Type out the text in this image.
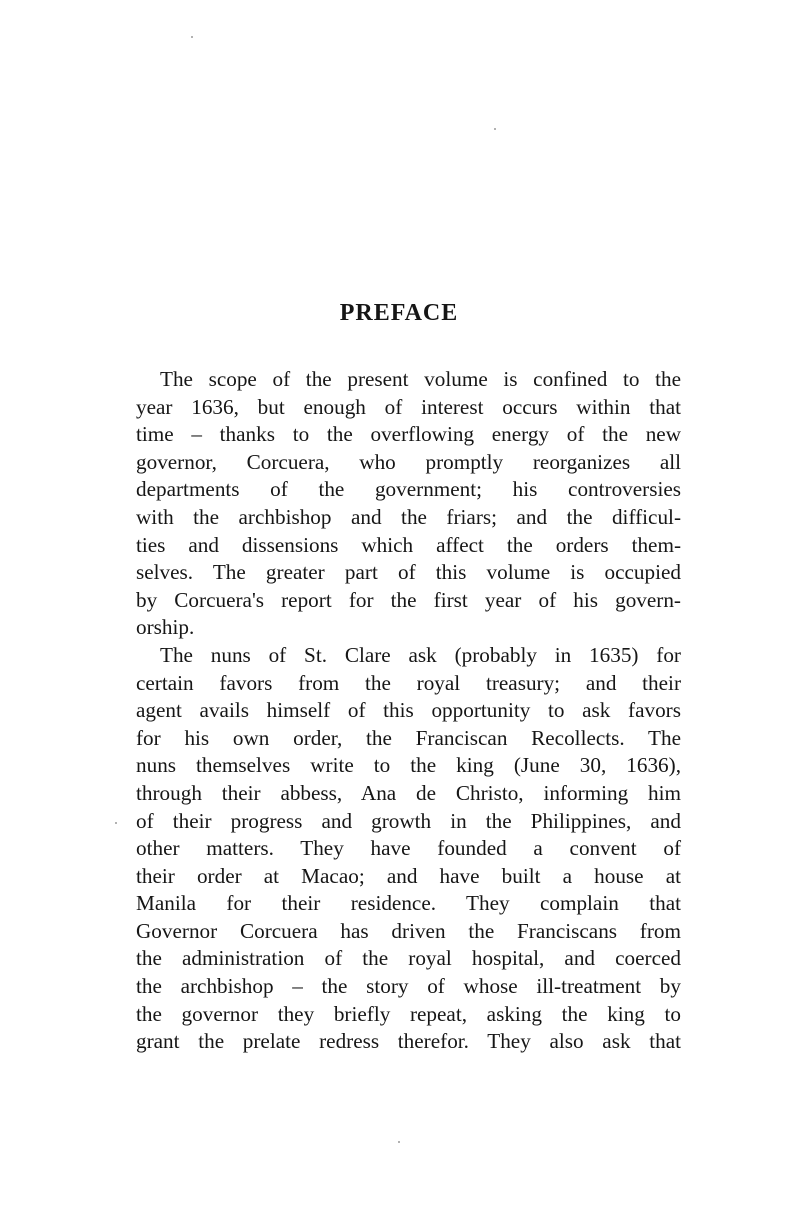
PREFACE
The scope of the present volume is confined to the
year 1636, but enough of interest occurs within that
time – thanks to the overflowing energy of the new
governor, Corcuera, who promptly reorganizes all
departments of the government; his controversies
with the archbishop and the friars; and the difficul-
ties and dissensions which affect the orders them-
selves. The greater part of this volume is occupied
by Corcuera's report for the first year of his govern-
orship.
The nuns of St. Clare ask (probably in 1635) for
certain favors from the royal treasury; and their
agent avails himself of this opportunity to ask favors
for his own order, the Franciscan Recollects. The
nuns themselves write to the king (June 30, 1636),
through their abbess, Ana de Christo, informing him
of their progress and growth in the Philippines, and
other matters. They have founded a convent of
their order at Macao; and have built a house at
Manila for their residence. They complain that
Governor Corcuera has driven the Franciscans from
the administration of the royal hospital, and coerced
the archbishop – the story of whose ill-treatment by
the governor they briefly repeat, asking the king to
grant the prelate redress therefor. They also ask that
